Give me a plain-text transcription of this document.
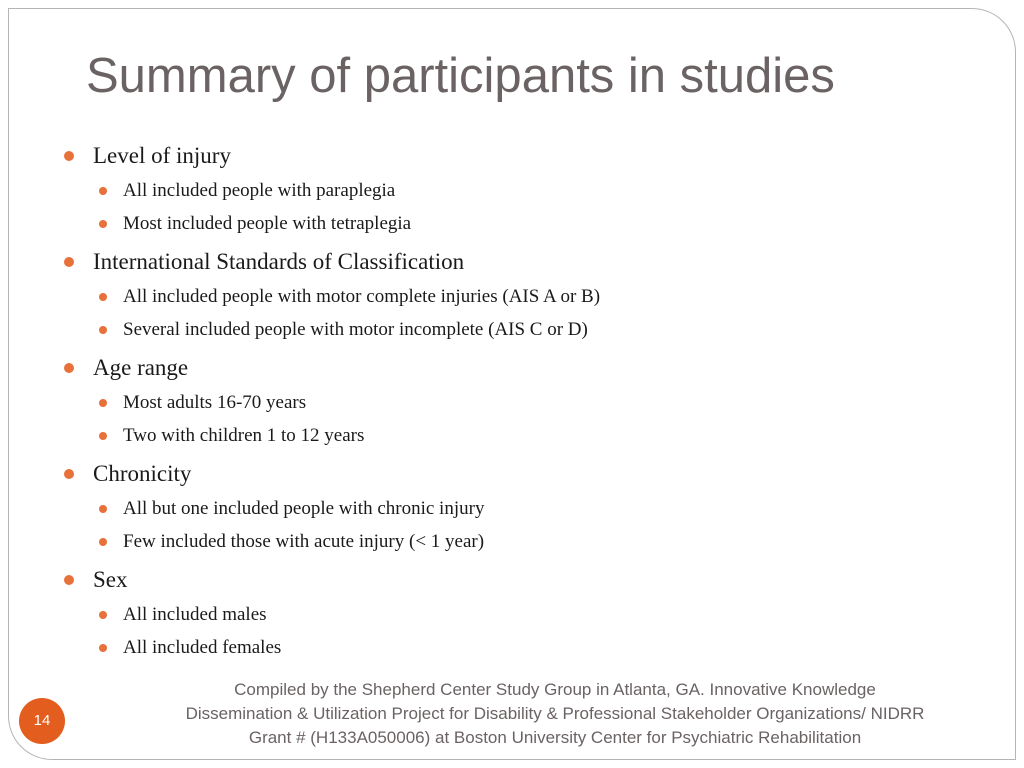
Summary of participants in studies
Level of injury
All included people with paraplegia
Most included people with tetraplegia
International Standards of Classification
All included people with motor complete injuries (AIS A or B)
Several included people with motor incomplete (AIS C or D)
Age range
Most adults 16-70 years
Two with children 1 to 12 years
Chronicity
All but one included people with chronic injury
Few included those with acute injury (< 1 year)
Sex
All included males
All included females
Compiled by the Shepherd Center Study Group in Atlanta, GA. Innovative Knowledge
Dissemination & Utilization Project for Disability & Professional Stakeholder Organizations/ NIDRR
Grant # (H133A050006) at Boston University Center for Psychiatric Rehabilitation
14
